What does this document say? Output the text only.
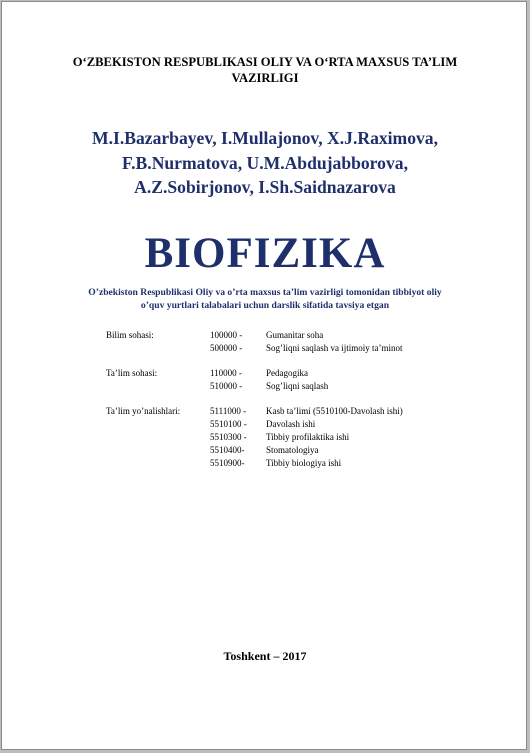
O‘ZBEKISTON RESPUBLIKASI OLIY VA O‘RTA MAXSUS TA’LIM
VAZIRLIGI
M.I.Bazarbayev, I.Mullajonov, X.J.Raximova,
F.B.Nurmatova, U.M.Abdujabborova,
A.Z.Sobirjonov, I.Sh.Saidnazarova
BIOFIZIKA
O’zbekiston Respublikasi Oliy va o’rta maxsus ta’lim vazirligi tomonidan tibbiyot oliy
o’quv yurtlari talabalari uchun darslik sifatida tavsiya etgan
Bilim sohasi:	100000 -	Gumanitar soha
500000 -	Sog’liqni saqlash va ijtimoiy ta’minot
Ta’lim sohasi:	110000 -	Pedagogika
510000 -	Sog’liqni saqlash
Ta’lim yo’nalishlari:	5111000 -	Kasb ta’limi (5510100-Davolash ishi)
5510100 -	Davolash ishi
5510300 -	Tibbiy profilaktika ishi
5510400-	Stomatologiya
5510900-	Tibbiy biologiya ishi
Toshkent – 2017
